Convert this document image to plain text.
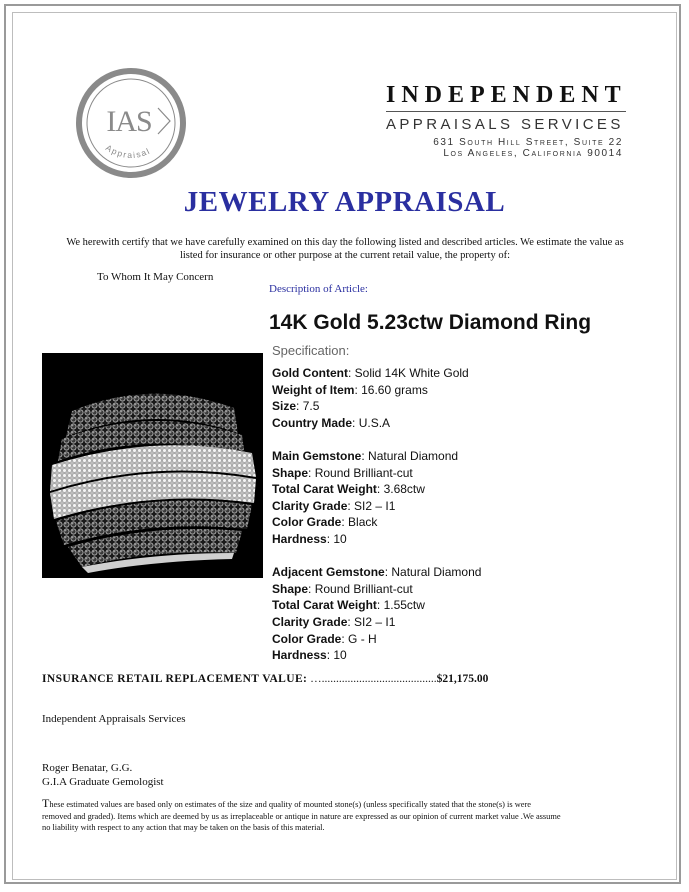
IAS
Appraisal
INDEPENDENT
APPRAISALS SERVICES
631 South Hill Street, Suite 22
Los Angeles, California 90014
JEWELRY APPRAISAL
We herewith certify that we have carefully examined on this day the following listed and described articles. We estimate the value as listed for insurance or other purpose at the current retail value, the property of:
To Whom It May Concern
Description of Article:
14K Gold 5.23ctw Diamond Ring
Specification:
Gold Content: Solid 14K White Gold
Weight of Item: 16.60 grams
Size: 7.5
Country Made: U.S.A
Main Gemstone: Natural Diamond
Shape: Round Brilliant-cut
Total Carat Weight: 3.68ctw
Clarity Grade: SI2 – I1
Color Grade: Black
Hardness: 10
Adjacent Gemstone: Natural Diamond
Shape: Round Brilliant-cut
Total Carat Weight: 1.55ctw
Clarity Grade: SI2 – I1
Color Grade: G - H
Hardness: 10
INSURANCE RETAIL REPLACEMENT VALUE: …........................................$21,175.00
Independent Appraisals Services
Roger Benatar, G.G.
G.I.A Graduate Gemologist
These estimated values are based only on estimates of the size and quality of mounted stone(s) (unless specifically stated that the stone(s) is were removed and graded). Items which are deemed by us as irreplaceable or antique in nature are expressed as our opinion of current market value .We assume no liability with respect to any action that may be taken on the basis of this material.
